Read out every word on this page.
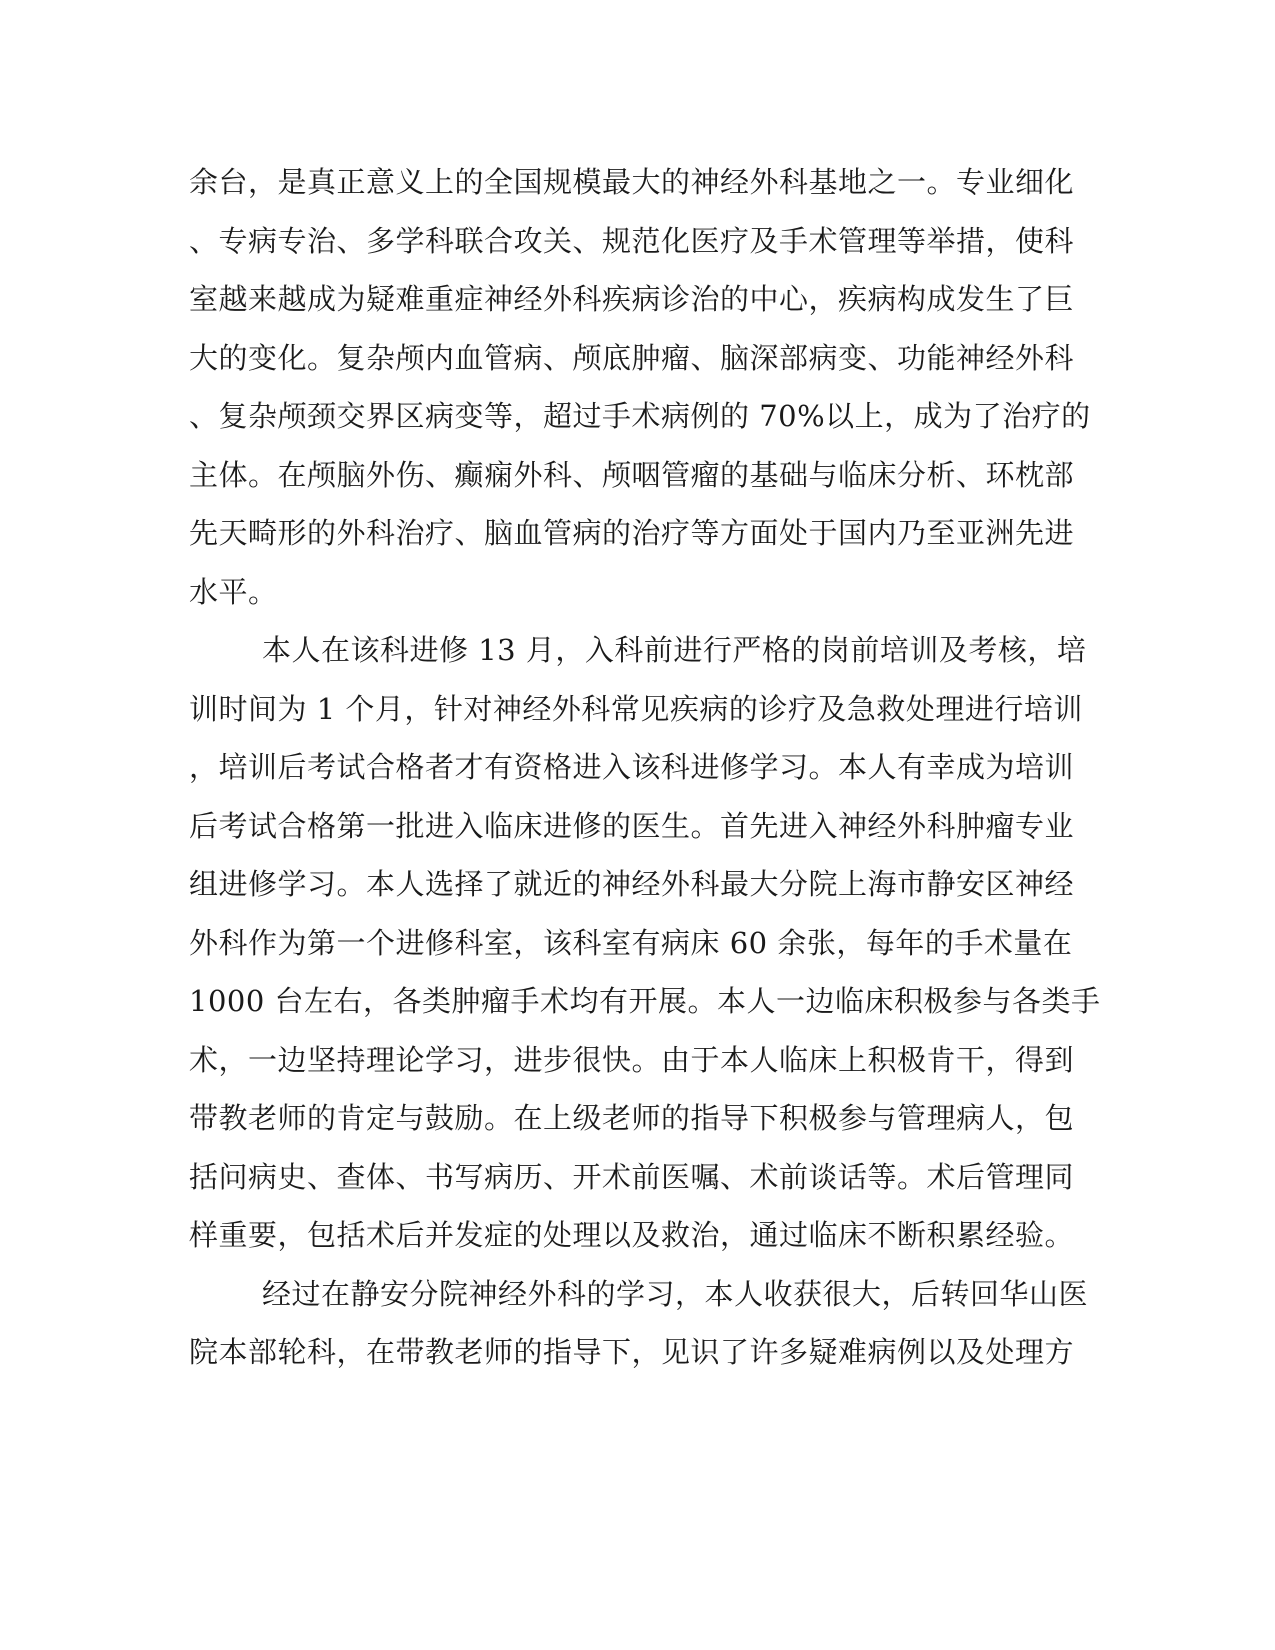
余台，是真正意义上的全国规模最大的神经外科基地之一。专业细化
、专病专治、多学科联合攻关、规范化医疗及手术管理等举措，使科
室越来越成为疑难重症神经外科疾病诊治的中心，疾病构成发生了巨
大的变化。复杂颅内血管病、颅底肿瘤、脑深部病变、功能神经外科
、复杂颅颈交界区病变等，超过手术病例的 70%以上，成为了治疗的
主体。在颅脑外伤、癫痫外科、颅咽管瘤的基础与临床分析、环枕部
先天畸形的外科治疗、脑血管病的治疗等方面处于国内乃至亚洲先进
水平。
本人在该科进修 13 月，入科前进行严格的岗前培训及考核，培
训时间为 1 个月，针对神经外科常见疾病的诊疗及急救处理进行培训
，培训后考试合格者才有资格进入该科进修学习。本人有幸成为培训
后考试合格第一批进入临床进修的医生。首先进入神经外科肿瘤专业
组进修学习。本人选择了就近的神经外科最大分院上海市静安区神经
外科作为第一个进修科室，该科室有病床 60 余张，每年的手术量在
1000 台左右，各类肿瘤手术均有开展。本人一边临床积极参与各类手
术，一边坚持理论学习，进步很快。由于本人临床上积极肯干，得到
带教老师的肯定与鼓励。在上级老师的指导下积极参与管理病人，包
括问病史、查体、书写病历、开术前医嘱、术前谈话等。术后管理同
样重要，包括术后并发症的处理以及救治，通过临床不断积累经验。
经过在静安分院神经外科的学习，本人收获很大，后转回华山医
院本部轮科，在带教老师的指导下，见识了许多疑难病例以及处理方
